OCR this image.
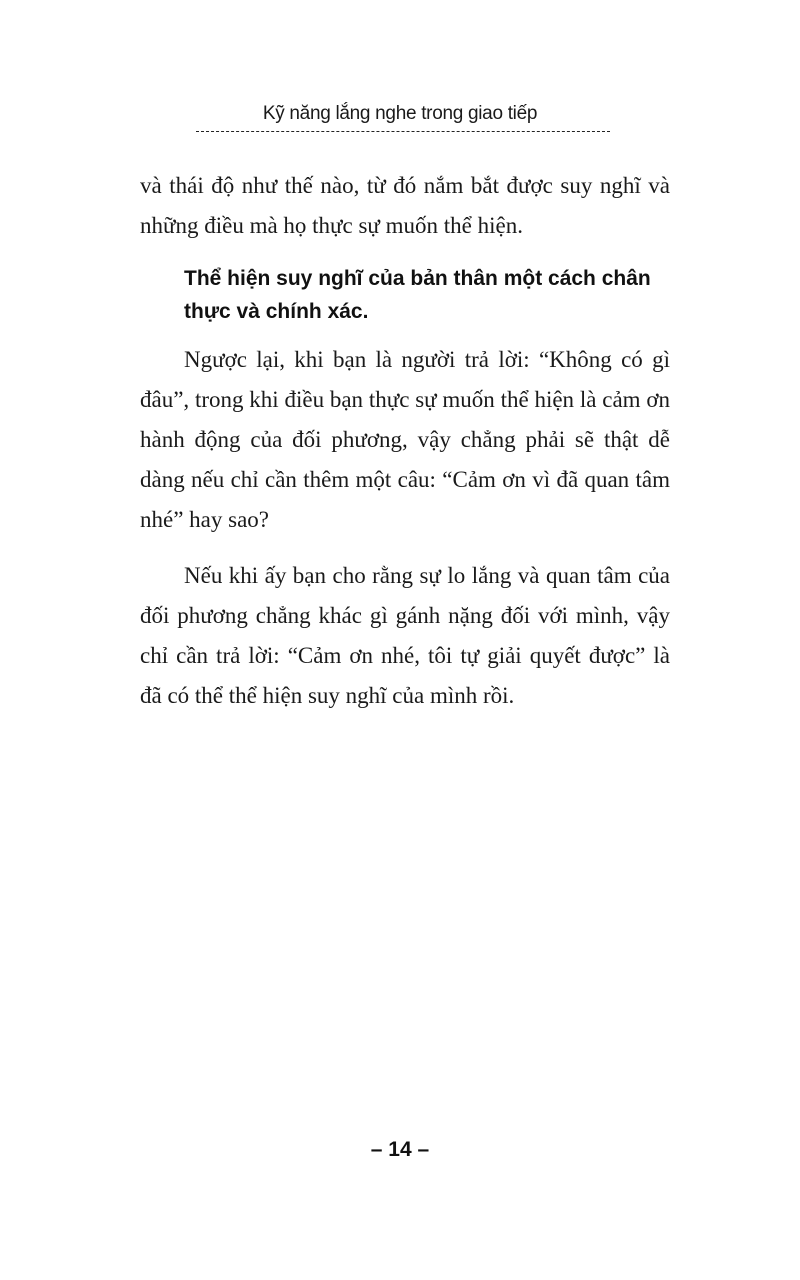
Kỹ năng lắng nghe trong giao tiếp

và thái độ như thế nào, từ đó nắm bắt được suy nghĩ và những điều mà họ thực sự muốn thể hiện.

Thể hiện suy nghĩ của bản thân một cách chân thực và chính xác.

Ngược lại, khi bạn là người trả lời: “Không có gì đâu”, trong khi điều bạn thực sự muốn thể hiện là cảm ơn hành động của đối phương, vậy chẳng phải sẽ thật dễ dàng nếu chỉ cần thêm một câu: “Cảm ơn vì đã quan tâm nhé” hay sao?

Nếu khi ấy bạn cho rằng sự lo lắng và quan tâm của đối phương chẳng khác gì gánh nặng đối với mình, vậy chỉ cần trả lời: “Cảm ơn nhé, tôi tự giải quyết được” là đã có thể thể hiện suy nghĩ của mình rồi.

– 14 –
